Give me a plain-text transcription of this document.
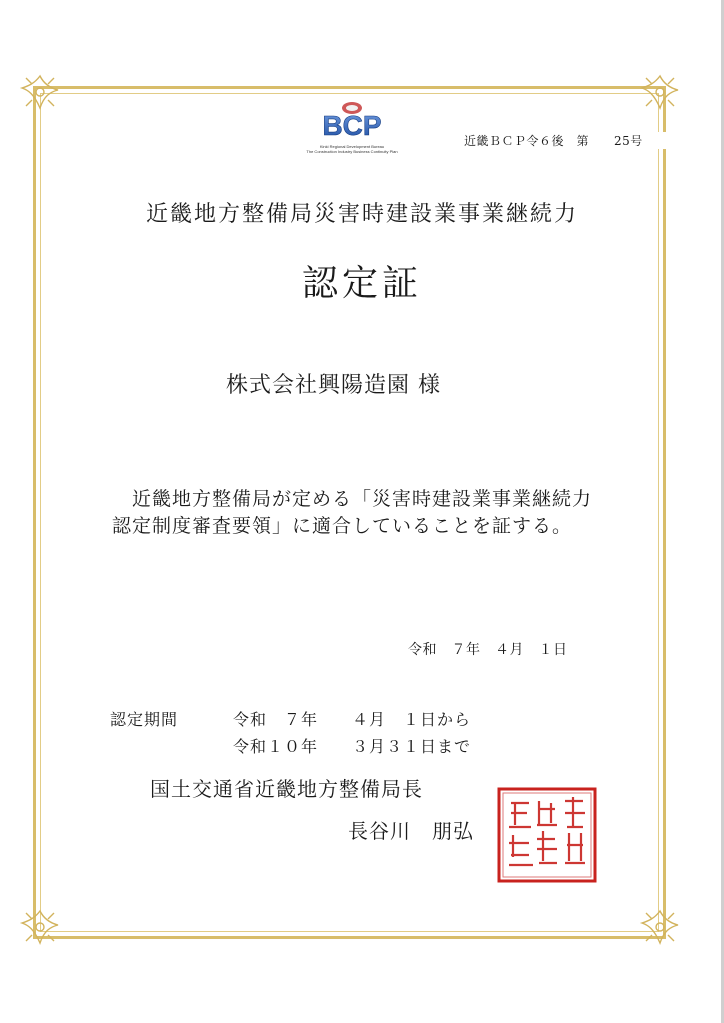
BCP
Kinki Regional Development Bureau
The Construction Industry Business Continuity Plan
近畿ＢＣＰ令６後　第　　25号
近畿地方整備局災害時建設業事業継続力
認定証
株式会社興陽造園 様
　近畿地方整備局が定める「災害時建設業事業継続力認定制度審査要領」に適合していることを証する。
令和　７年　４月　１日
認定期間	令和　７年　　４月　１日から
令和１０年　　３月３１日まで
国土交通省近畿地方整備局長
長谷川　朋弘
